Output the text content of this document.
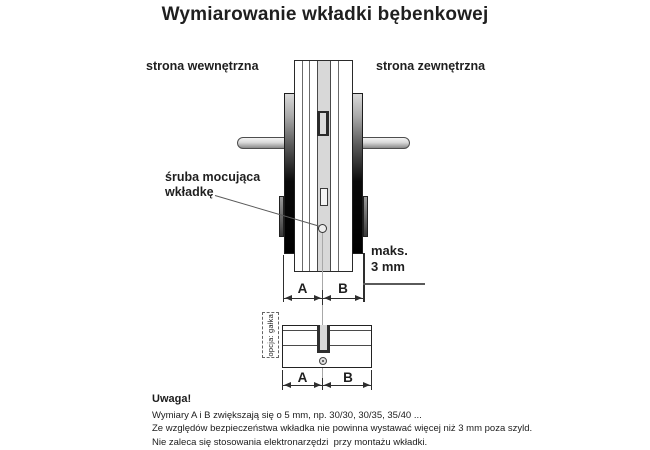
Wymiarowanie wkładki bębenkowej
strona wewnętrzna	strona zewnętrzna
śruba mocująca
wkładkę
maks.
3 mm
A	B
opcja: gałka
A	B

Uwaga!

Wymiary A i B zwiększają się o 5 mm, np. 30/30, 30/35, 35/40 ...

Ze względów bezpieczeństwa wkładka nie powinna wystawać więcej niż 3 mm poza szyld.

Nie zaleca się stosowania elektronarzędzi  przy montażu wkładki.
